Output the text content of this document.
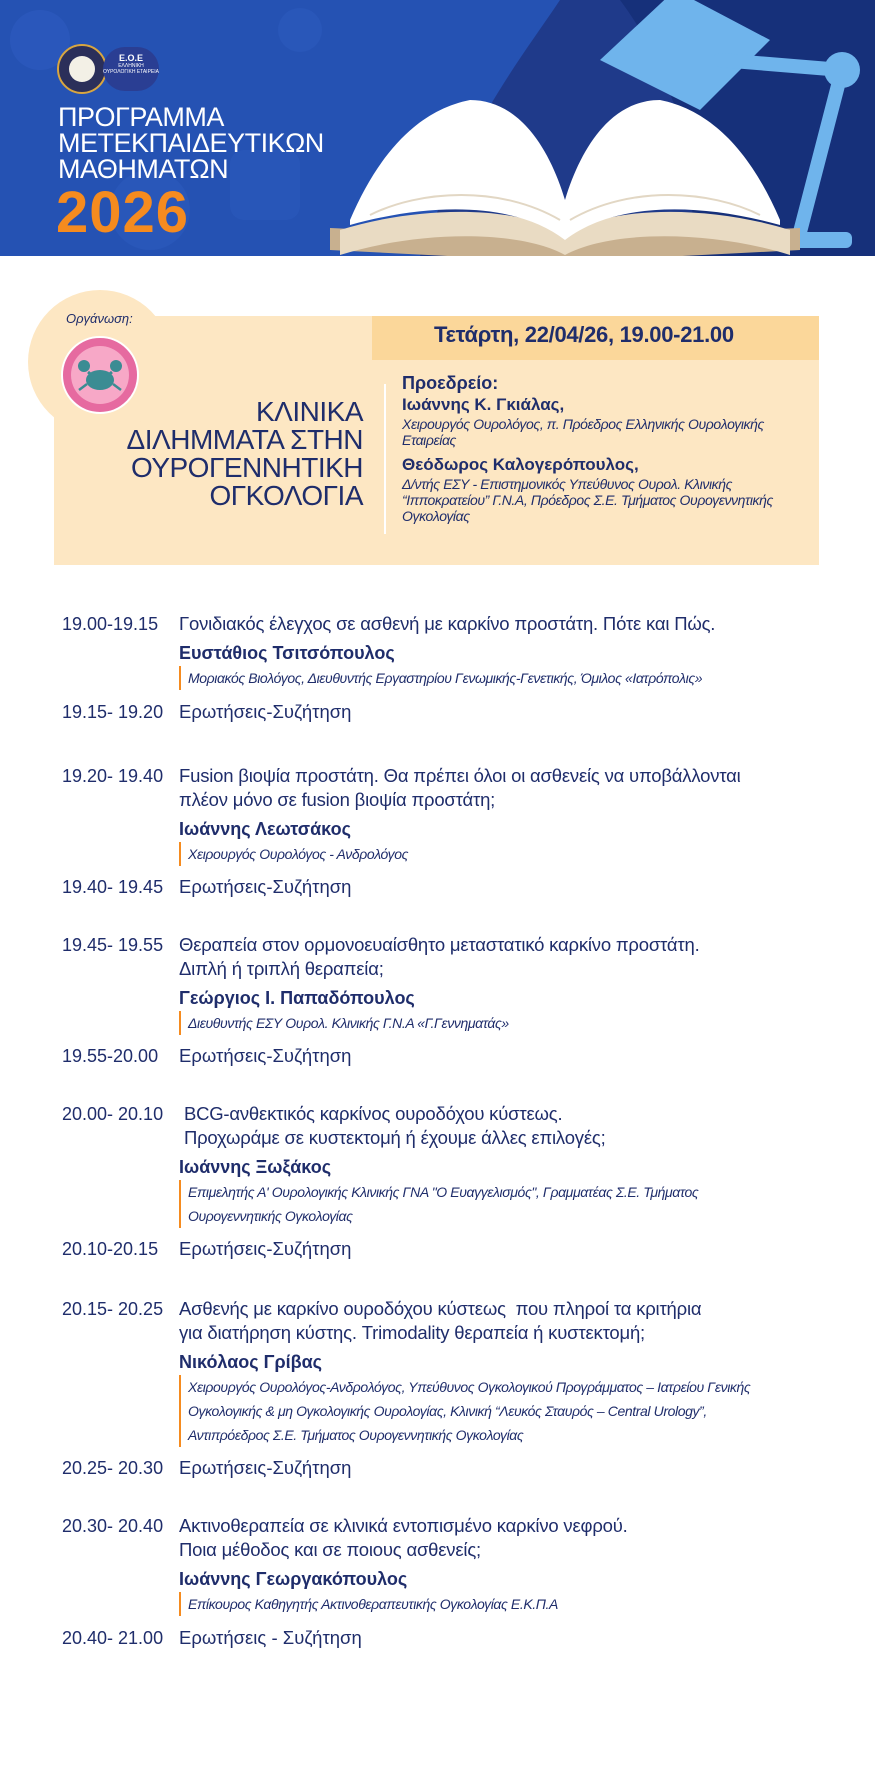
Ε.Ο.Ε
ΕΛΛΗΝΙΚΗ ΟΥΡΟΛΟΓΙΚΗ ΕΤΑΙΡΕΙΑ
ΠΡΟΓΡΑΜΜΑ
ΜΕΤΕΚΠΑΙΔΕΥΤΙΚΩΝ
ΜΑΘΗΜΑΤΩΝ
2026
Τετάρτη, 22/04/26, 19.00-21.00
Οργάνωση:
ΚΛΙΝΙΚΑ
ΔΙΛΗΜΜΑΤΑ ΣΤΗΝ
ΟΥΡΟΓΕΝΝΗΤΙΚΗ
ΟΓΚΟΛΟΓΙΑ
Προεδρείο:
Ιωάννης Κ. Γκιάλας,
Χειρουργός Ουρολόγος, π. Πρόεδρος Ελληνικής Ουρολογικής
Εταιρείας
Θεόδωρος Καλογερόπουλος,
Δ/ντής ΕΣΥ - Επιστημονικός Υπεύθυνος Ουρολ. Κλινικής
“Ιπποκρατείου” Γ.Ν.Α, Πρόεδρος Σ.Ε. Τμήματος Ουρογεννητικής
Ογκολογίας
19.00-19.15 Γονιδιακός έλεγχος σε ασθενή με καρκίνο προστάτη. Πότε και Πώς.
Ευστάθιος Τσιτσόπουλος
Μοριακός Βιολόγος, Διευθυντής Εργαστηρίου Γενωμικής-Γενετικής, Όμιλος «Ιατρόπολις»
19.15- 19.20 Ερωτήσεις-Συζήτηση
19.20- 19.40 Fusion βιοψία προστάτη. Θα πρέπει όλοι οι ασθενείς να υποβάλλονται
πλέον μόνο σε fusion βιοψία προστάτη;
Ιωάννης Λεωτσάκος
Χειρουργός Ουρολόγος - Ανδρολόγος
19.40- 19.45 Ερωτήσεις-Συζήτηση
19.45- 19.55 Θεραπεία στον ορμονοευαίσθητο μεταστατικό καρκίνο προστάτη.
Διπλή ή τριπλή θεραπεία;
Γεώργιος Ι. Παπαδόπουλος
Διευθυντής ΕΣΥ Ουρολ. Κλινικής Γ.Ν.Α «Γ.Γεννηματάς»
19.55-20.00 Ερωτήσεις-Συζήτηση
20.00- 20.10 BCG-ανθεκτικός καρκίνος ουροδόχου κύστεως.
Προχωράμε σε κυστεκτομή ή έχουμε άλλες επιλογές;
Ιωάννης Ξωξάκος
Επιμελητής Α' Ουρολογικής Κλινικής ΓΝΑ "Ο Ευαγγελισμός", Γραμματέας Σ.Ε. Τμήματος
Ουρογεννητικής Ογκολογίας
20.10-20.15 Ερωτήσεις-Συζήτηση
20.15- 20.25 Ασθενής με καρκίνο ουροδόχου κύστεως  που πληροί τα κριτήρια
για διατήρηση κύστης. Trimodality θεραπεία ή κυστεκτομή;
Νικόλαος Γρίβας
Χειρουργός Ουρολόγος-Ανδρολόγος, Υπεύθυνος Ογκολογικού Προγράμματος – Ιατρείου Γενικής
Ογκολογικής & μη Ογκολογικής Ουρολογίας, Κλινική “Λευκός Σταυρός – Central Urology”,
Αντιπρόεδρος Σ.Ε. Τμήματος Ουρογεννητικής Ογκολογίας
20.25- 20.30 Ερωτήσεις-Συζήτηση
20.30- 20.40 Ακτινοθεραπεία σε κλινικά εντοπισμένο καρκίνο νεφρού.
Ποια μέθοδος και σε ποιους ασθενείς;
Ιωάννης Γεωργακόπουλος
Επίκουρος Καθηγητής Ακτινοθεραπευτικής Ογκολογίας Ε.Κ.Π.Α
20.40- 21.00 Ερωτήσεις - Συζήτηση
